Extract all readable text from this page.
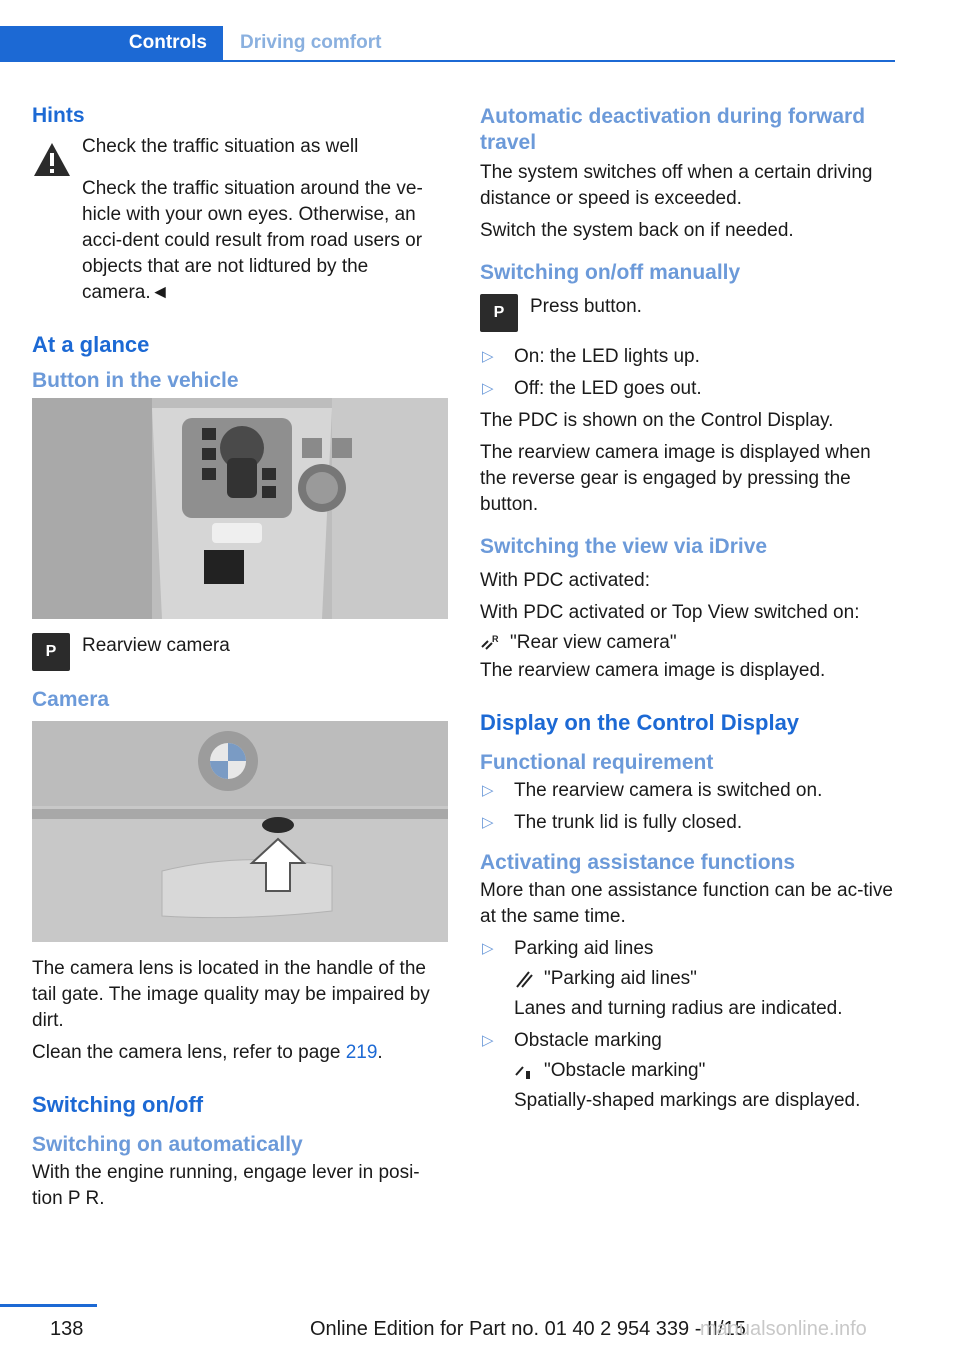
Controls	Driving comfort
Hints

Check the traffic situation as well

Check the traffic situation around the ve-hicle with your own eyes. Otherwise, an acci-dent could result from road users or objects that are not lidtured by the camera.◄

At a glance
Button in the vehicle
P	Rearview camera
Camera

The camera lens is located in the handle of the tail gate. The image quality may be impaired by dirt.

Clean the camera lens, refer to page 219.

Switching on/off
Switching on automatically

With the engine running, engage lever in posi-tion P R.

Automatic deactivation during forward travel

The system switches off when a certain driving distance or speed is exceeded.

Switch the system back on if needed.

Switching on/off manually
P	Press button.
▷ On: the LED lights up.
▷ Off: the LED goes out.

The PDC is shown on the Control Display.

The rearview camera image is displayed when the reverse gear is engaged by pressing the button.

Switching the view via iDrive

With PDC activated:

With PDC activated or Top View switched on:

R "Rear view camera"

The rearview camera image is displayed.

Display on the Control Display
Functional requirement
▷ The rearview camera is switched on.
▷ The trunk lid is fully closed.
Activating assistance functions

More than one assistance function can be ac-tive at the same time.

▷ Parking aid lines
"Parking aid lines"
Lanes and turning radius are indicated.
▷ Obstacle marking
"Obstacle marking"
Spatially-shaped markings are displayed.
138	Online Edition for Part no. 01 40 2 954 339 - II/15
manualsonline.info
